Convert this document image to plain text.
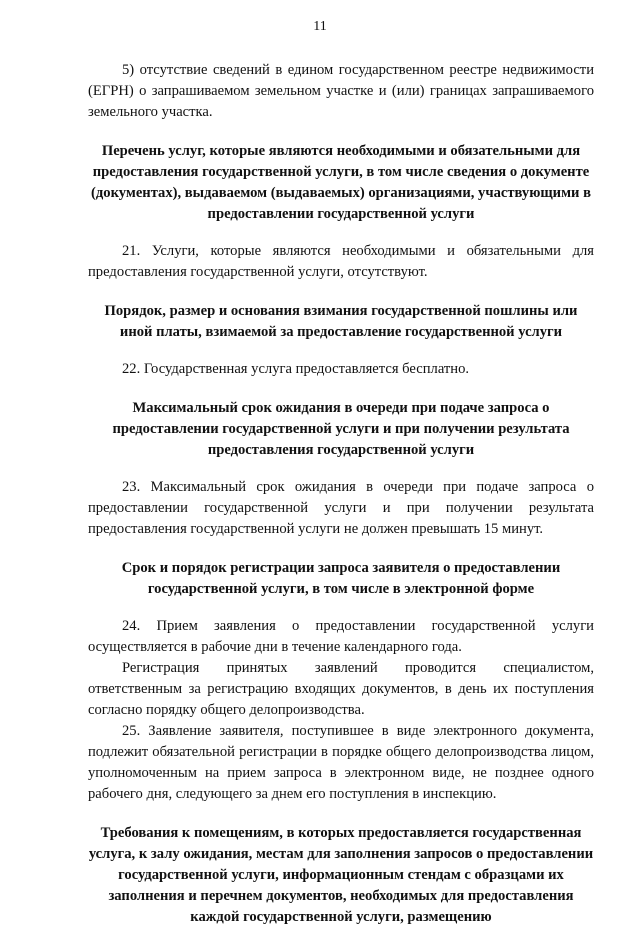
11

5) отсутствие сведений в едином государственном реестре недвижимости (ЕГРН) о запрашиваемом земельном участке и (или) границах запрашиваемого земельного участка.

Перечень услуг, которые являются необходимыми и обязательными для предоставления государственной услуги, в том числе сведения о документе (документах), выдаваемом (выдаваемых) организациями, участвующими в предоставлении государственной услуги

21. Услуги, которые являются необходимыми и обязательными для предоставления государственной услуги, отсутствуют.

Порядок, размер и основания взимания государственной пошлины или иной платы, взимаемой за предоставление государственной услуги

22. Государственная услуга предоставляется бесплатно.

Максимальный срок ожидания в очереди при подаче запроса о предоставлении государственной услуги и при получении результата предоставления государственной услуги

23. Максимальный срок ожидания в очереди при подаче запроса о предоставлении государственной услуги и при получении результата предоставления государственной услуги не должен превышать 15 минут.

Срок и порядок регистрации запроса заявителя о предоставлении государственной услуги, в том числе в электронной форме

24. Прием заявления о предоставлении государственной услуги осуществляется в рабочие дни в течение календарного года.

Регистрация принятых заявлений проводится специалистом, ответственным за регистрацию входящих документов, в день их поступления согласно порядку общего делопроизводства.

25. Заявление заявителя, поступившее в виде электронного документа, подлежит обязательной регистрации в порядке общего делопроизводства лицом, уполномоченным на прием запроса в электронном виде, не позднее одного рабочего дня, следующего за днем его поступления в инспекцию.

Требования к помещениям, в которых предоставляется государственная услуга, к залу ожидания, местам для заполнения запросов о предоставлении государственной услуги, информационным стендам с образцами их заполнения и перечнем документов, необходимых для предоставления каждой государственной услуги, размещению
